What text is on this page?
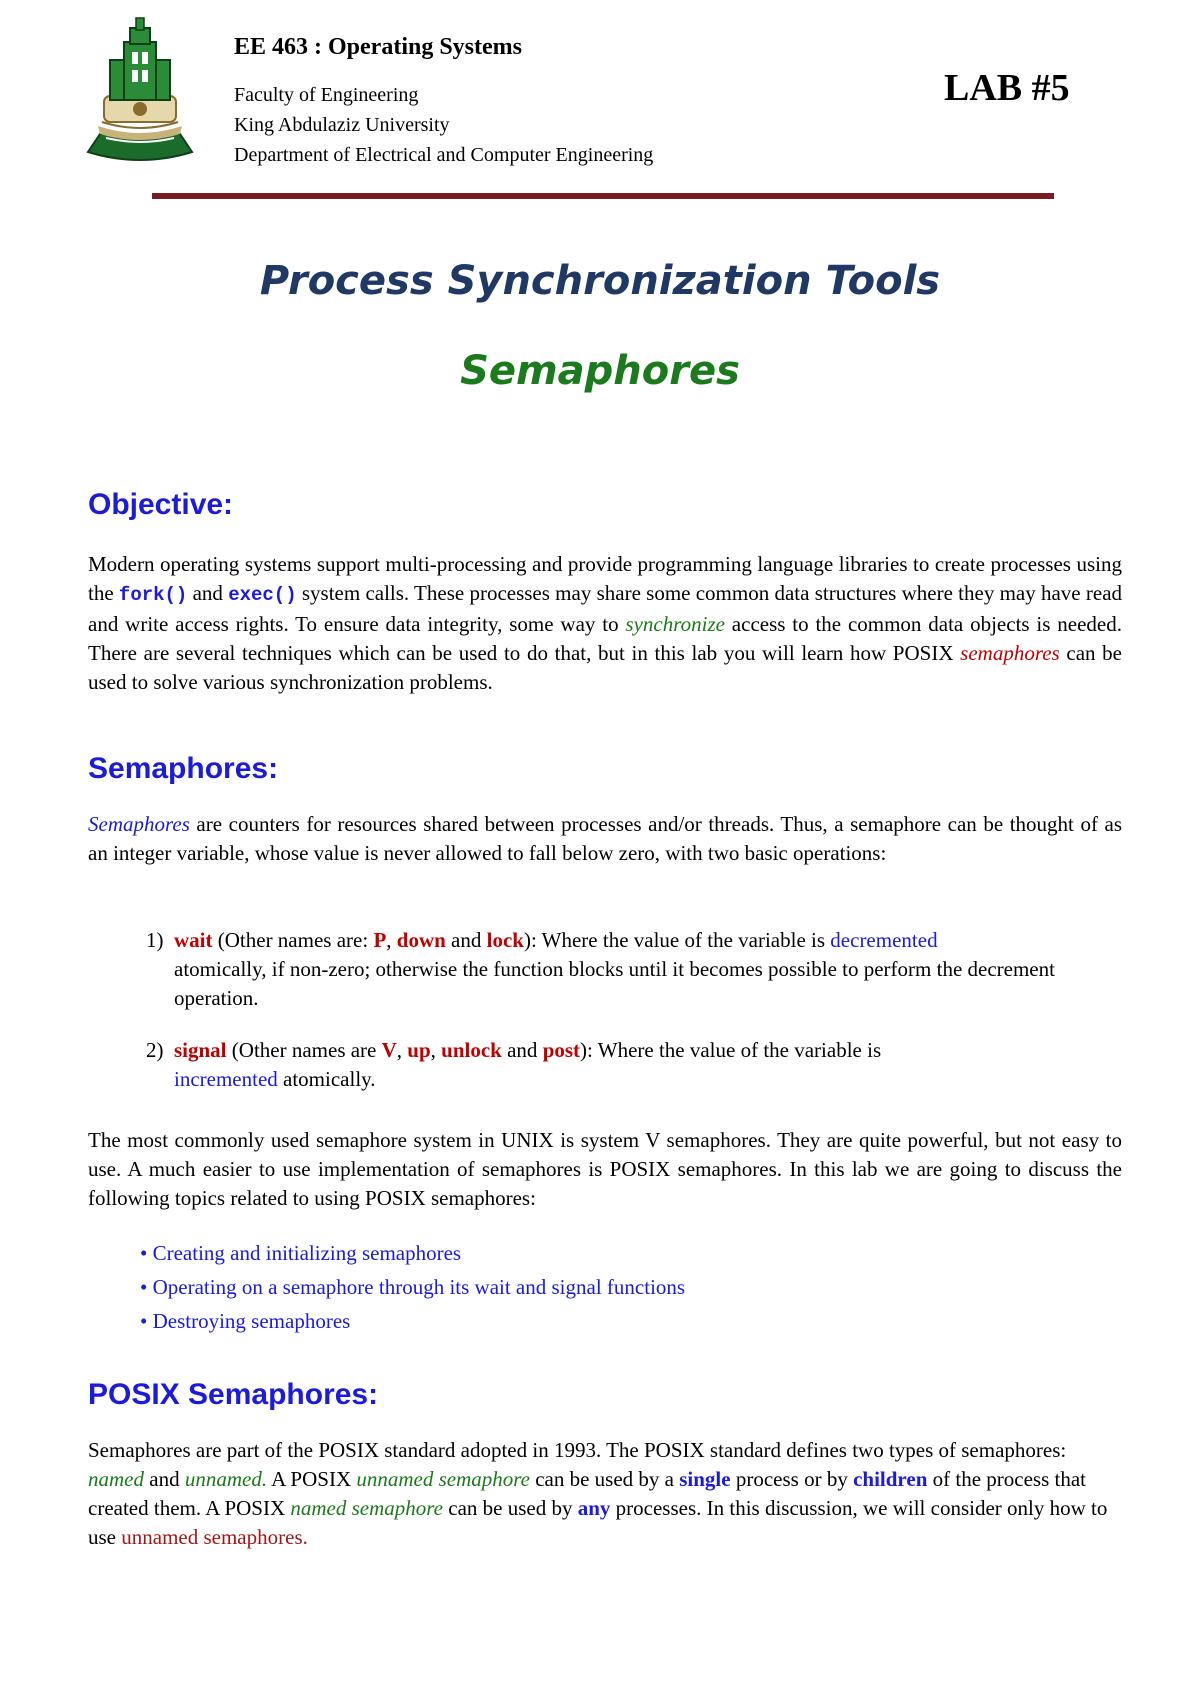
EE 463 : Operating Systems
Faculty of Engineering
King Abdulaziz University
Department of Electrical and Computer Engineering
LAB #5
Process Synchronization Tools
Semaphores
Objective:
Modern operating systems support multi-processing and provide programming language libraries to create processes using the fork() and exec() system calls. These processes may share some common data structures where they may have read and write access rights. To ensure data integrity, some way to synchronize access to the common data objects is needed. There are several techniques which can be used to do that, but in this lab you will learn how POSIX semaphores can be used to solve various synchronization problems.
Semaphores:
Semaphores are counters for resources shared between processes and/or threads. Thus, a semaphore can be thought of as an integer variable, whose value is never allowed to fall below zero, with two basic operations:
1) wait (Other names are: P, down and lock): Where the value of the variable is decremented
atomically, if non-zero; otherwise the function blocks until it becomes possible to perform the decrement operation.
2) signal (Other names are V, up, unlock and post): Where the value of the variable is
incremented atomically.
The most commonly used semaphore system in UNIX is system V semaphores. They are quite powerful, but not easy to use. A much easier to use implementation of semaphores is POSIX semaphores. In this lab we are going to discuss the following topics related to using POSIX semaphores:
• Creating and initializing semaphores
• Operating on a semaphore through its wait and signal functions
• Destroying semaphores
POSIX Semaphores:
Semaphores are part of the POSIX standard adopted in 1993. The POSIX standard defines two types of semaphores: named and unnamed. A POSIX unnamed semaphore can be used by a single process or by children of the process that created them. A POSIX named semaphore can be used by any processes. In this discussion, we will consider only how to use unnamed semaphores.
